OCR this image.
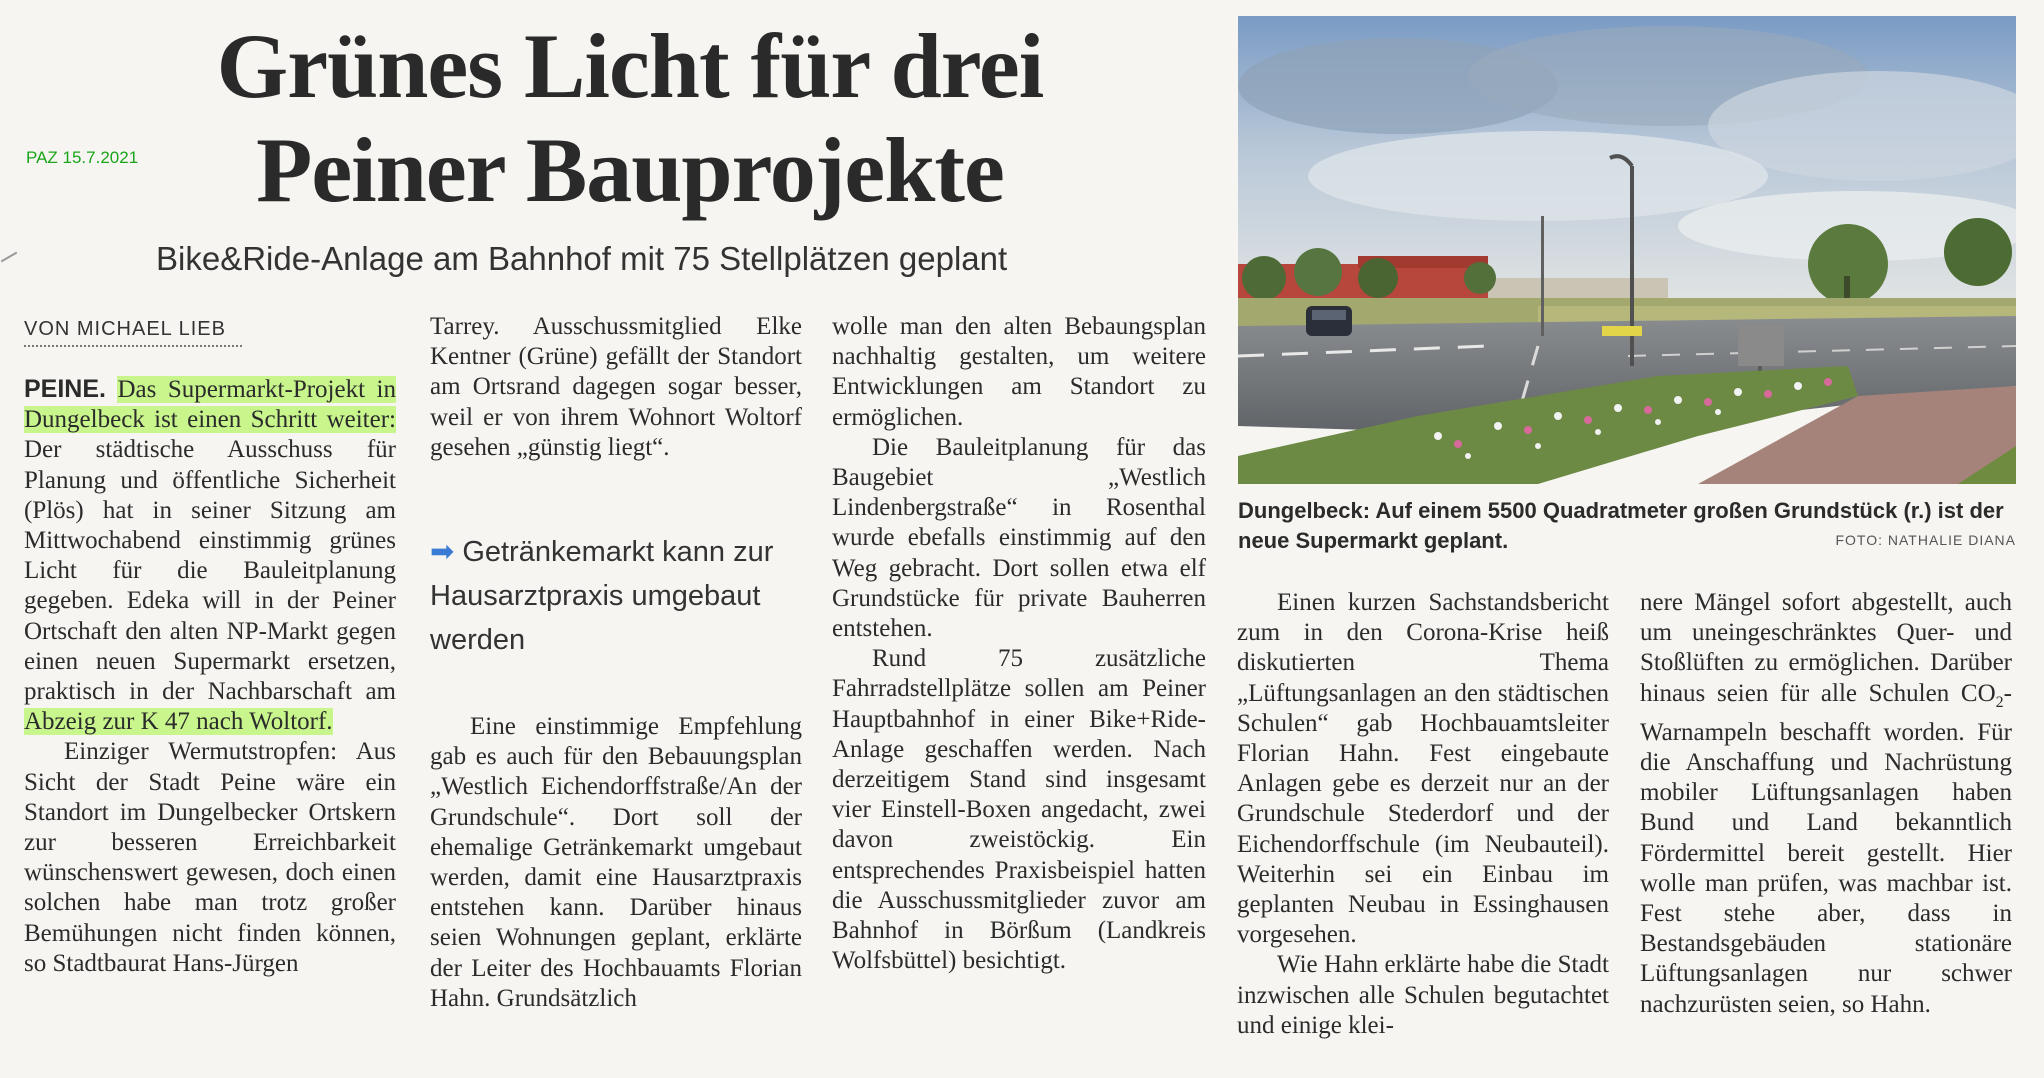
PAZ 15.7.2021
Grünes Licht für drei
Peiner Bauprojekte
Bike&Ride-Anlage am Bahnhof mit 75 Stellplätzen geplant
VON MICHAEL LIEB

PEINE. Das Supermarkt-Projekt in Dungelbeck ist einen Schritt weiter: Der städtische Ausschuss für Planung und öffentliche Sicherheit (Plös) hat in seiner Sitzung am Mittwochabend einstimmig grünes Licht für die Bauleitplanung gegeben. Edeka will in der Peiner Ortschaft den alten NP-Markt gegen einen neuen Supermarkt ersetzen, praktisch in der Nachbarschaft am Abzeig zur K 47 nach Woltorf.

Einziger Wermutstropfen: Aus Sicht der Stadt Peine wäre ein Standort im Dungelbecker Ortskern zur besseren Erreichbarkeit wünschenswert gewesen, doch einen solchen habe man trotz großer Bemühungen nicht finden können, so Stadtbaurat Hans-Jürgen

Tarrey. Ausschussmitglied Elke Kentner (Grüne) gefällt der Standort am Ortsrand dagegen sogar besser, weil er von ihrem Wohnort Woltorf gesehen „günstig liegt“.

➡ Getränkemarkt kann zur Hausarztpraxis umgebaut werden

Eine einstimmige Empfehlung gab es auch für den Bebauungsplan „Westlich Eichendorffstraße/An der Grundschule“. Dort soll der ehemalige Getränkemarkt umgebaut werden, damit eine Hausarztpraxis entstehen kann. Darüber hinaus seien Wohnungen geplant, erklärte der Leiter des Hochbauamts Florian Hahn. Grundsätzlich

wolle man den alten Bebaungsplan nachhaltig gestalten, um weitere Entwicklungen am Standort zu ermöglichen.

Die Bauleitplanung für das Baugebiet „Westlich Lindenbergstraße“ in Rosenthal wurde ebefalls einstimmig auf den Weg gebracht. Dort sollen etwa elf Grundstücke für private Bauherren entstehen.

Rund 75 zusätzliche Fahrradstellplätze sollen am Peiner Hauptbahnhof in einer Bike+Ride-Anlage geschaffen werden. Nach derzeitigem Stand sind insgesamt vier Einstell-Boxen angedacht, zwei davon zweistöckig. Ein entsprechendes Praxisbeispiel hatten die Ausschussmitglieder zuvor am Bahnhof in Börßum (Landkreis Wolfsbüttel) besichtigt.

Dungelbeck: Auf einem 5500 Quadratmeter großen Grundstück (r.) ist der neue Supermarkt geplant.	FOTO: NATHALIE DIANA

Einen kurzen Sachstandsbericht zum in den Corona-Krise heiß diskutierten Thema „Lüftungsanlagen an den städtischen Schulen“ gab Hochbauamtsleiter Florian Hahn. Fest eingebaute Anlagen gebe es derzeit nur an der Grundschule Stederdorf und der Eichendorffschule (im Neubauteil). Weiterhin sei ein Einbau im geplanten Neubau in Essinghausen vorgesehen.

Wie Hahn erklärte habe die Stadt inzwischen alle Schulen begutachtet und einige klei-

nere Mängel sofort abgestellt, auch um uneingeschränktes Quer- und Stoßlüften zu ermöglichen. Darüber hinaus seien für alle Schulen $CO_2$-Warnampeln beschafft worden. Für die Anschaffung und Nachrüstung mobiler Lüftungsanlagen haben Bund und Land bekanntlich Fördermittel bereit gestellt. Hier wolle man prüfen, was machbar ist. Fest stehe aber, dass in Bestandsgebäuden stationäre Lüftungsanlagen nur schwer nachzurüsten seien, so Hahn.
